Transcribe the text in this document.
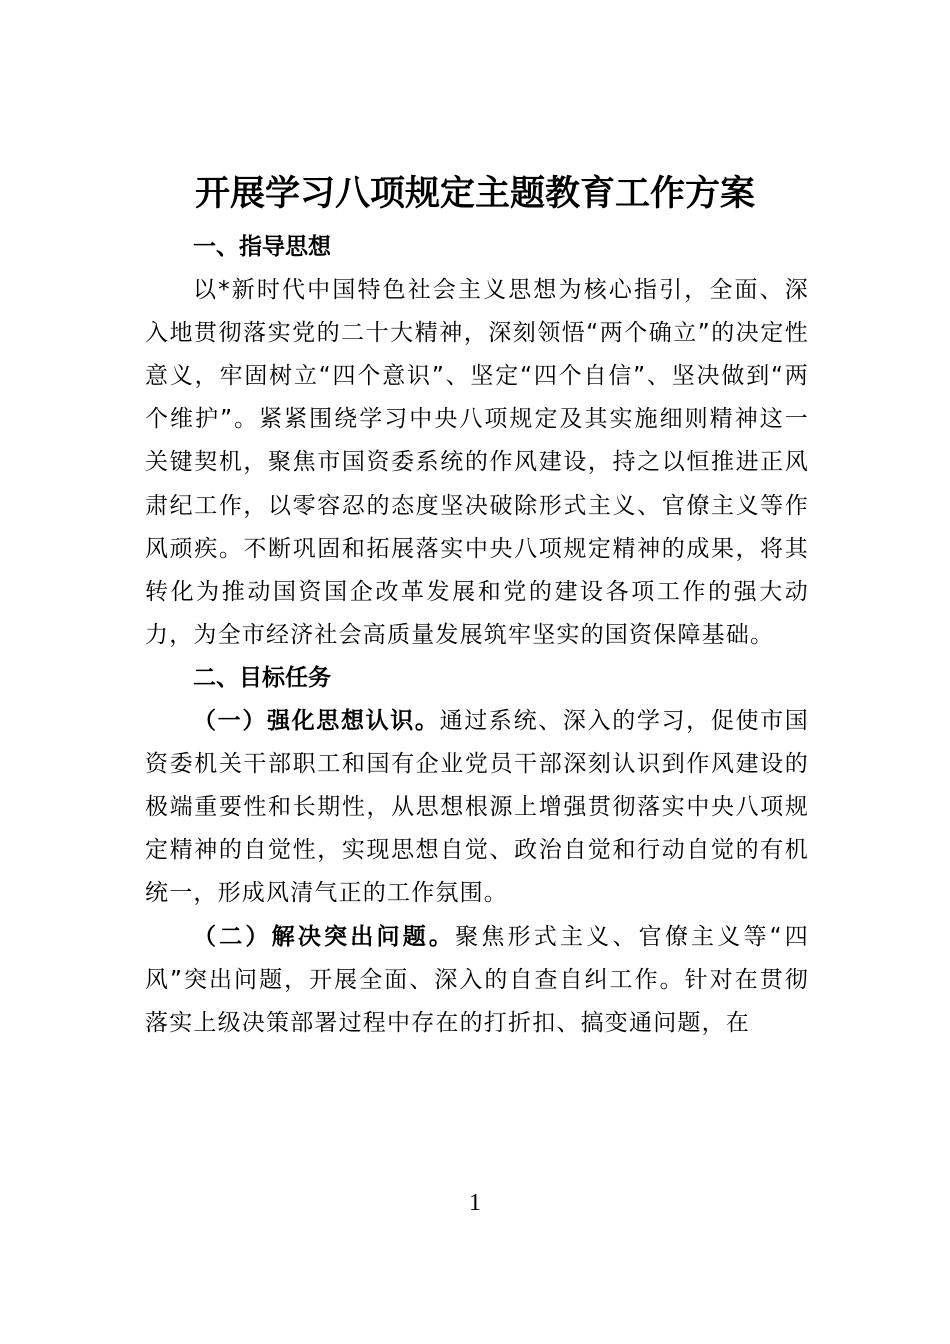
开展学习八项规定主题教育工作方案

一、指导思想

以*新时代中国特色社会主义思想为核心指引，全面、深入地贯彻落实党的二十大精神，深刻领悟“两个确立”的决定性意义，牢固树立“四个意识”、坚定“四个自信”、坚决做到“两个维护”。紧紧围绕学习中央八项规定及其实施细则精神这一关键契机，聚焦市国资委系统的作风建设，持之以恒推进正风肃纪工作，以零容忍的态度坚决破除形式主义、官僚主义等作风顽疾。不断巩固和拓展落实中央八项规定精神的成果，将其转化为推动国资国企改革发展和党的建设各项工作的强大动力，为全市经济社会高质量发展筑牢坚实的国资保障基础。

二、目标任务

（一）强化思想认识。通过系统、深入的学习，促使市国资委机关干部职工和国有企业党员干部深刻认识到作风建设的极端重要性和长期性，从思想根源上增强贯彻落实中央八项规定精神的自觉性，实现思想自觉、政治自觉和行动自觉的有机统一，形成风清气正的工作氛围。

（二）解决突出问题。聚焦形式主义、官僚主义等“四风”突出问题，开展全面、深入的自查自纠工作。针对在贯彻落实上级决策部署过程中存在的打折扣、搞变通问题，在

1
